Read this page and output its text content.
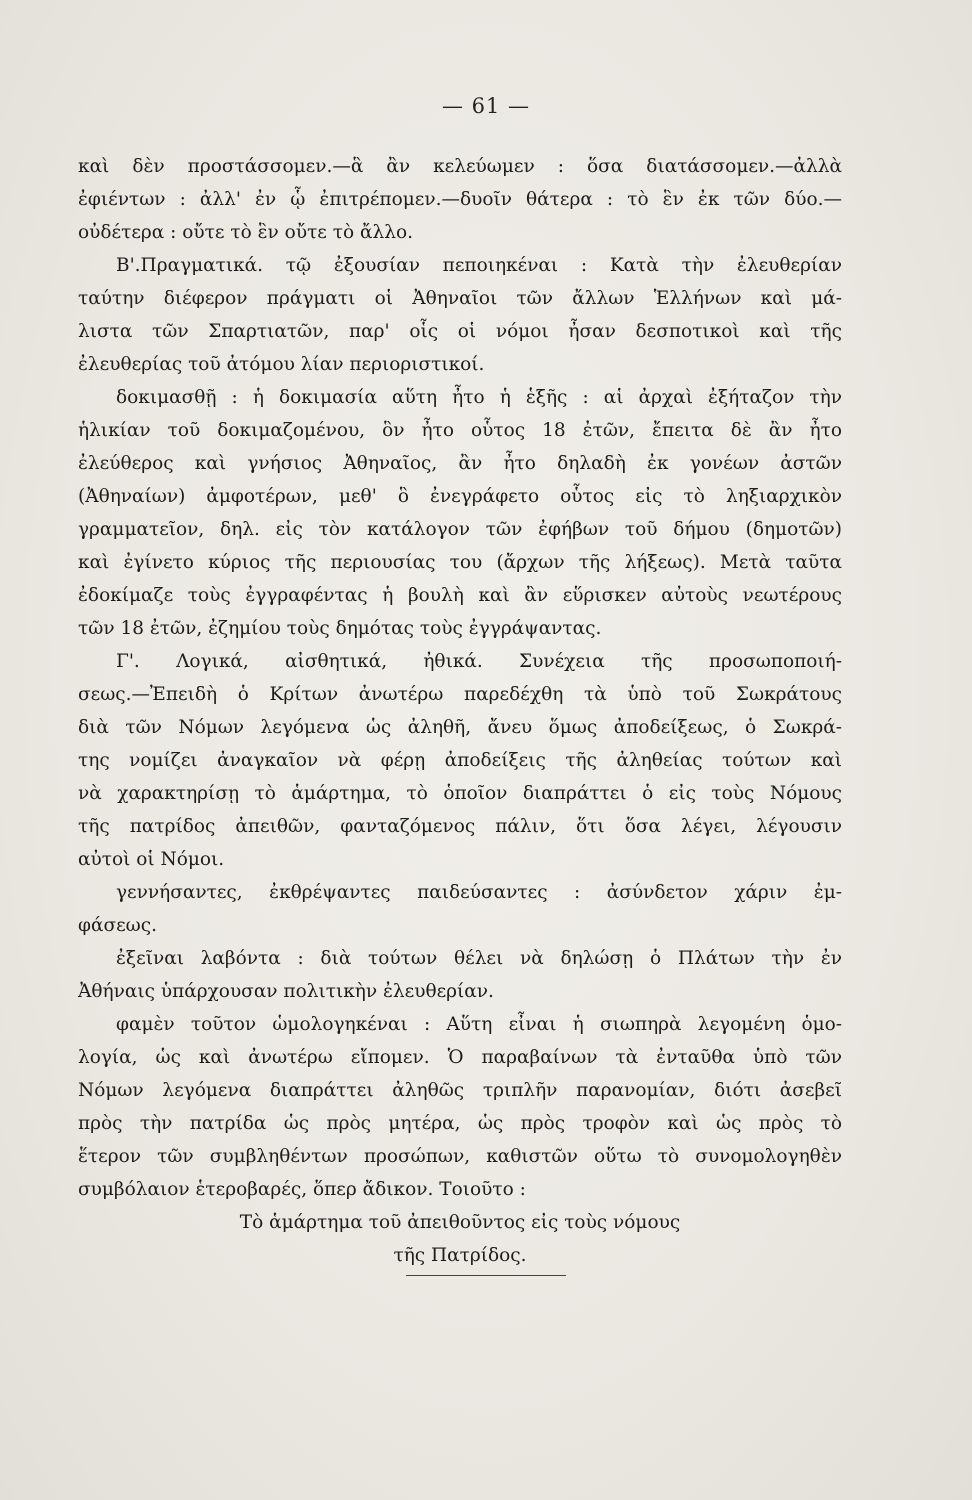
— 61 —
καὶ δὲν προστάσσομεν.—ἃ ἂν κελεύωμεν : ὅσα διατάσσομεν.—ἀλλὰ
ἐφιέντων : ἀλλ' ἐν ᾧ ἐπιτρέπομεν.—δυοῖν θάτερα : τὸ ἓν ἐκ τῶν δύο.—
οὐδέτερα : οὔτε τὸ ἓν οὔτε τὸ ἄλλο.
Β'.Πραγματικά. τῷ ἐξουσίαν πεποιηκέναι : Κατὰ τὴν ἐλευθερίαν
ταύτην διέφερον πράγματι οἱ Ἀθηναῖοι τῶν ἄλλων Ἑλλήνων καὶ μά-
λιστα τῶν Σπαρτιατῶν, παρ' οἷς οἱ νόμοι ἦσαν δεσποτικοὶ καὶ τῆς
ἐλευθερίας τοῦ ἀτόμου λίαν περιοριστικοί.
δοκιμασθῇ : ἡ δοκιμασία αὕτη ἦτο ἡ ἑξῆς : αἱ ἀρχαὶ ἐξήταζον τὴν
ἡλικίαν τοῦ δοκιμαζομένου, ὃν ἦτο οὗτος 18 ἐτῶν, ἔπειτα δὲ ἂν ἦτο
ἐλεύθερος καὶ γνήσιος Ἀθηναῖος, ἂν ἦτο δηλαδὴ ἐκ γονέων ἀστῶν
(Ἀθηναίων) ἀμφοτέρων, μεθ' ὃ ἐνεγράφετο οὗτος εἰς τὸ ληξιαρχικὸν
γραμματεῖον, δηλ. εἰς τὸν κατάλογον τῶν ἐφήβων τοῦ δήμου (δημοτῶν)
καὶ ἐγίνετο κύριος τῆς περιουσίας του (ἄρχων τῆς λήξεως). Μετὰ ταῦτα
ἐδοκίμαζε τοὺς ἐγγραφέντας ἡ βουλὴ καὶ ἂν εὕρισκεν αὐτοὺς νεωτέρους
τῶν 18 ἐτῶν, ἐζημίου τοὺς δημότας τοὺς ἐγγράψαντας.
Γ'. Λογικά, αἰσθητικά, ἠθικά. Συνέχεια τῆς προσωποποιή-
σεως.—Ἐπειδὴ ὁ Κρίτων ἀνωτέρω παρεδέχθη τὰ ὑπὸ τοῦ Σωκράτους
διὰ τῶν Νόμων λεγόμενα ὡς ἀληθῆ, ἄνευ ὅμως ἀποδείξεως, ὁ Σωκρά-
της νομίζει ἀναγκαῖον νὰ φέρῃ ἀποδείξεις τῆς ἀληθείας τούτων καὶ
νὰ χαρακτηρίσῃ τὸ ἁμάρτημα, τὸ ὁποῖον διαπράττει ὁ εἰς τοὺς Νόμους
τῆς πατρίδος ἀπειθῶν, φανταζόμενος πάλιν, ὅτι ὅσα λέγει, λέγουσιν
αὐτοὶ οἱ Νόμοι.
γεννήσαντες, ἐκθρέψαντες παιδεύσαντες : ἀσύνδετον χάριν ἐμ-
φάσεως.
ἐξεῖναι λαβόντα : διὰ τούτων θέλει νὰ δηλώσῃ ὁ Πλάτων τὴν ἐν
Ἀθήναις ὑπάρχουσαν πολιτικὴν ἐλευθερίαν.
φαμὲν τοῦτον ὡμολογηκέναι : Αὕτη εἶναι ἡ σιωπηρὰ λεγομένη ὁμο-
λογία, ὡς καὶ ἀνωτέρω εἴπομεν. Ὁ παραβαίνων τὰ ἐνταῦθα ὑπὸ τῶν
Νόμων λεγόμενα διαπράττει ἀληθῶς τριπλῆν παρανομίαν, διότι ἀσεβεῖ
πρὸς τὴν πατρίδα ὡς πρὸς μητέρα, ὡς πρὸς τροφὸν καὶ ὡς πρὸς τὸ
ἕτερον τῶν συμβληθέντων προσώπων, καθιστῶν οὕτω τὸ συνομολογηθὲν
συμβόλαιον ἑτεροβαρές, ὅπερ ἄδικον. Τοιοῦτο :
Τὸ ἁμάρτημα τοῦ ἀπειθοῦντος εἰς τοὺς νόμους
τῆς Πατρίδος.
